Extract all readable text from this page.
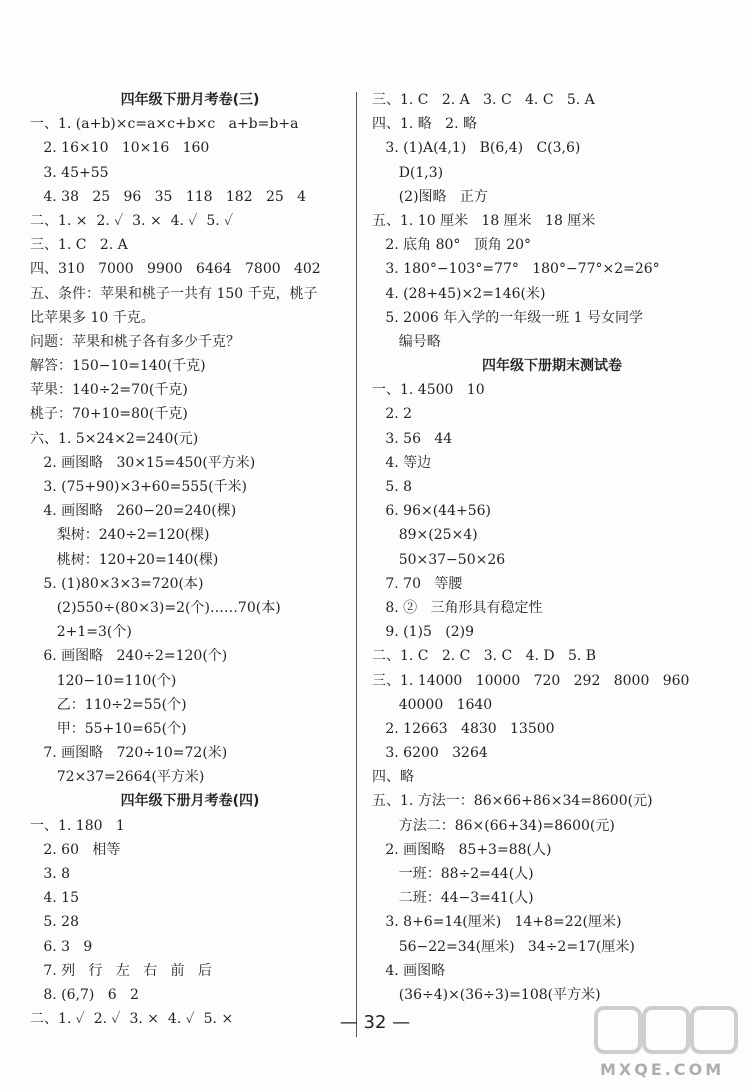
四年级下册月考卷(三)
一、1. (a+b)×c=a×c+b×c   a+b=b+a
2. 16×10   10×16   160
3. 45+55
4. 38   25   96   35   118   182   25   4
二、1. ×  2. ✓  3. ×  4. ✓  5. ✓
三、1. C   2. A
四、310   7000   9900   6464   7800   402
五、条件：苹果和桃子一共有 150 千克，桃子
比苹果多 10 千克。
问题：苹果和桃子各有多少千克？
解答：150−10=140(千克)
苹果：140÷2=70(千克)
桃子：70+10=80(千克)
六、1. 5×24×2=240(元)
2. 画图略   30×15=450(平方米)
3. (75+90)×3+60=555(千米)
4. 画图略   260−20=240(棵)
梨树：240÷2=120(棵)
桃树：120+20=140(棵)
5. (1)80×3×3=720(本)
(2)550÷(80×3)=2(个)……70(本)
2+1=3(个)
6. 画图略   240÷2=120(个)
120−10=110(个)
乙：110÷2=55(个)
甲：55+10=65(个)
7. 画图略   720÷10=72(米)
72×37=2664(平方米)
四年级下册月考卷(四)
一、1. 180   1
2. 60   相等
3. 8
4. 15
5. 28
6. 3   9
7. 列   行   左   右   前   后
8. (6,7)   6   2
二、1. ✓  2. ✓  3. ×  4. ✓  5. ×
三、1. C   2. A   3. C   4. C   5. A
四、1. 略   2. 略
3. (1)A(4,1)   B(6,4)   C(3,6)
D(1,3)
(2)图略   正方
五、1. 10 厘米   18 厘米   18 厘米
2. 底角 80°   顶角 20°
3. 180°−103°=77°   180°−77°×2=26°
4. (28+45)×2=146(米)
5. 2006 年入学的一年级一班 1 号女同学
编号略
四年级下册期末测试卷
一、1. 4500   10
2. 2
3. 56   44
4. 等边
5. 8
6. 96×(44+56)
89×(25×4)
50×37−50×26
7. 70   等腰
8. ②   三角形具有稳定性
9. (1)5   (2)9
二、1. C   2. C   3. C   4. D   5. B
三、1. 14000   10000   720   292   8000   960
40000   1640
2. 12663   4830   13500
3. 6200   3264
四、略
五、1. 方法一：86×66+86×34=8600(元)
方法二：86×(66+34)=8600(元)
2. 画图略   85+3=88(人)
一班：88÷2=44(人)
二班：44−3=41(人)
3. 8+6=14(厘米)   14+8=22(厘米)
56−22=34(厘米)   34÷2=17(厘米)
4. 画图略
(36÷4)×(36÷3)=108(平方米)
— 32 —
MXQE.COM
